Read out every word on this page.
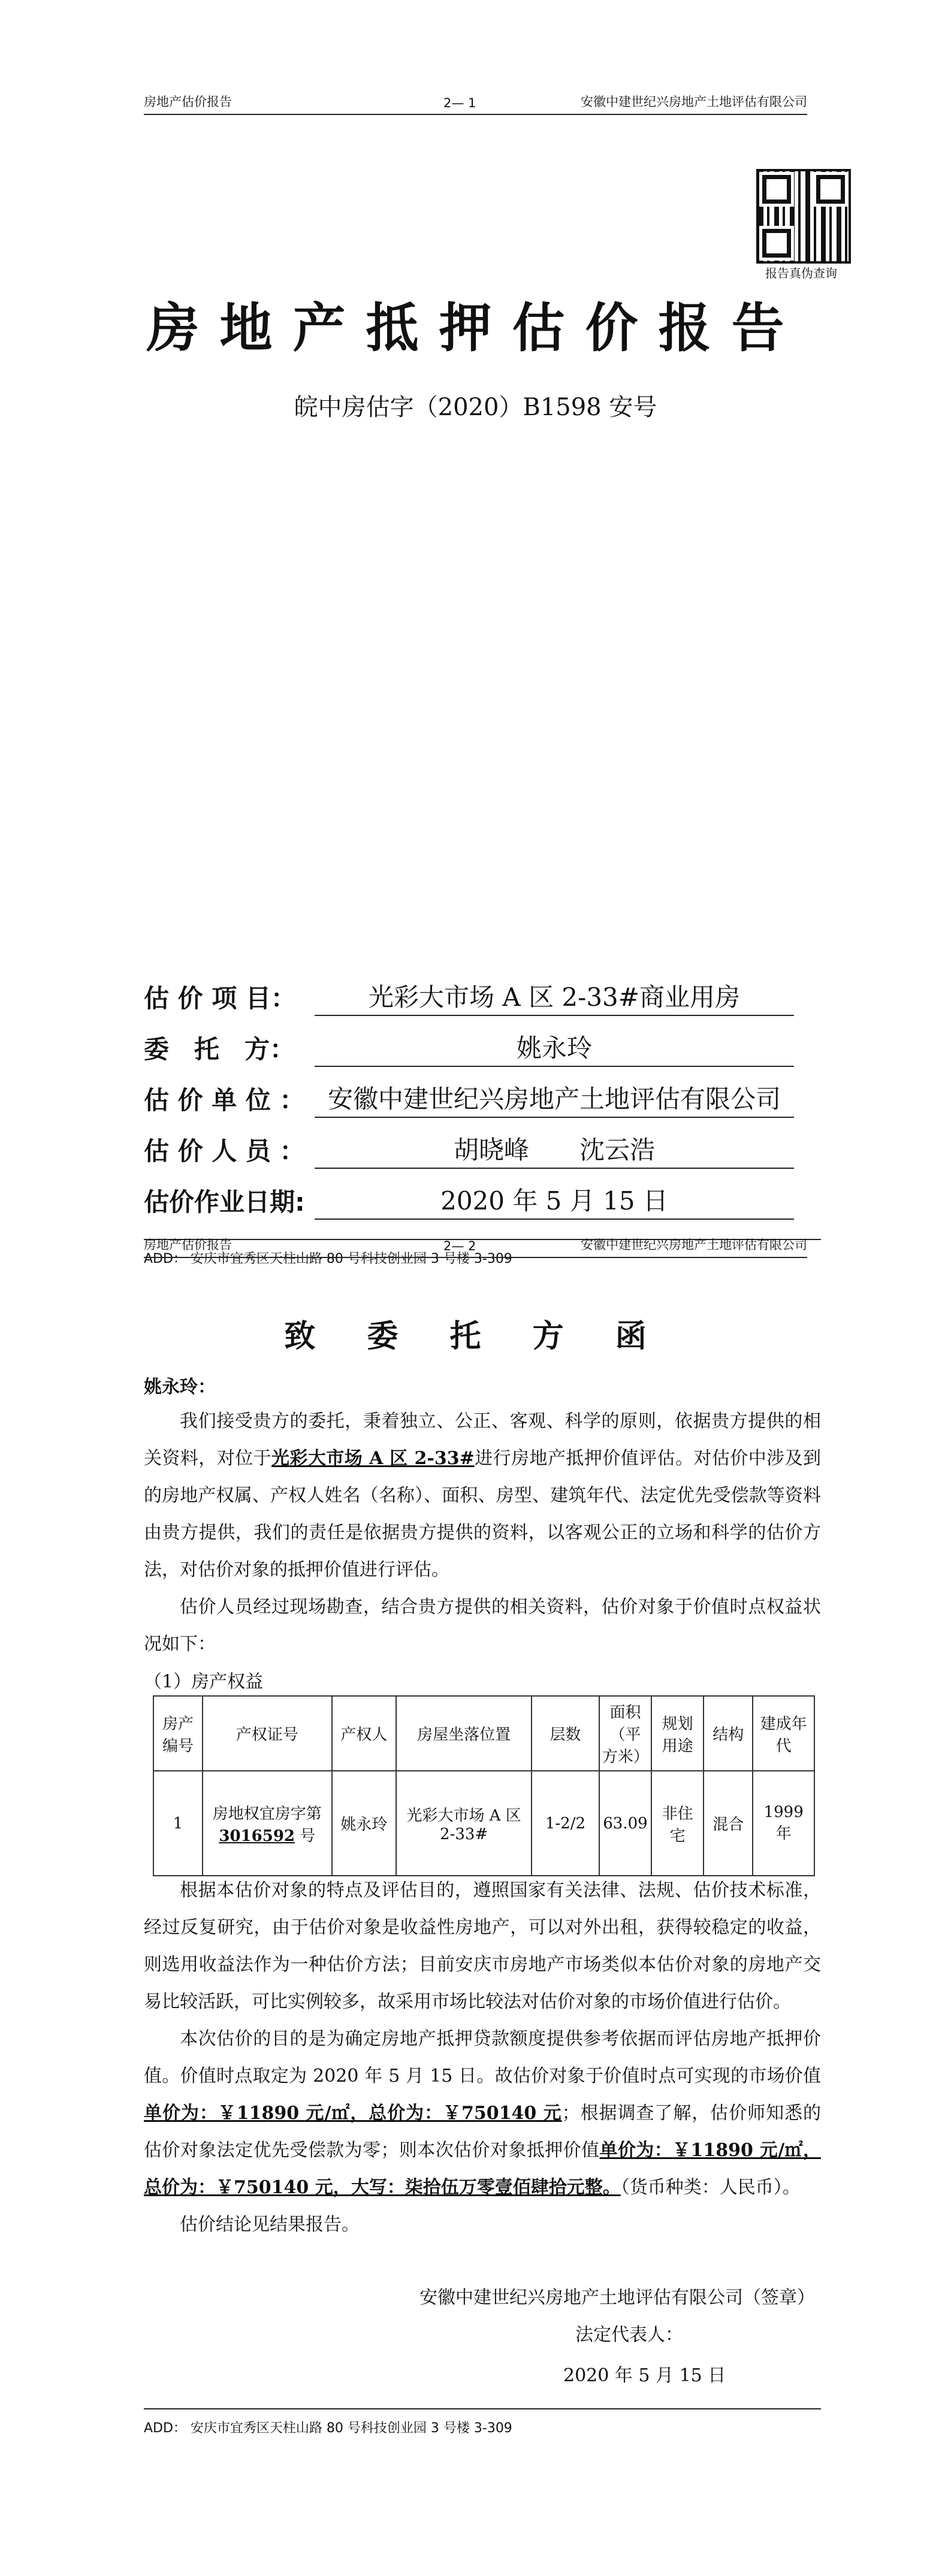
房地产估价报告	2— 1	安徽中建世纪兴房地产土地评估有限公司
报告真伪查询
房地产抵押估价报告
皖中房估字（2020）B1598 安号
估 价 项 目：	光彩大市场 A 区 2-33#商业用房
委　托　方：	姚永玲
估 价 单 位 ： 安徽中建世纪兴房地产土地评估有限公司
估 价 人 员 ：	胡晓峰　　沈云浩
估价作业日期:	2020 年 5 月 15 日
ADD： 安庆市宜秀区天柱山路 80 号科技创业园 3 号楼 3-309
房地产估价报告	2— 2	安徽中建世纪兴房地产土地评估有限公司
致 委 托 方 函
姚永玲：

我们接受贵方的委托，秉着独立、公正、客观、科学的原则，依据贵方提供的相关资料，对位于光彩大市场 A 区 2-33#进行房地产抵押价值评估。对估价中涉及到的房地产权属、产权人姓名（名称）、面积、房型、建筑年代、法定优先受偿款等资料由贵方提供，我们的责任是依据贵方提供的资料，以客观公正的立场和科学的估价方法，对估价对象的抵押价值进行评估。

估价人员经过现场勘查，结合贵方提供的相关资料，估价对象于价值时点权益状况如下：

（1）房产权益
房产编号	产权证号	产权人	房屋坐落位置	层数	面积（平方米）	规划用途	结构	建成年代
1	房地权宜房字第 3016592 号	姚永玲	光彩大市场 A 区 2-33#	1-2/2	63.09	非住宅	混合	1999 年

根据本估价对象的特点及评估目的，遵照国家有关法律、法规、估价技术标准，经过反复研究，由于估价对象是收益性房地产，可以对外出租，获得较稳定的收益，则选用收益法作为一种估价方法；目前安庆市房地产市场类似本估价对象的房地产交易比较活跃，可比实例较多，故采用市场比较法对估价对象的市场价值进行估价。

本次估价的目的是为确定房地产抵押贷款额度提供参考依据而评估房地产抵押价值。价值时点取定为 2020 年 5 月 15 日。故估价对象于价值时点可实现的市场价值单价为：￥11890 元/㎡，总价为：￥750140 元；根据调查了解，估价师知悉的估价对象法定优先受偿款为零；则本次估价对象抵押价值单价为：￥11890 元/㎡，总价为：￥750140 元，大写：柒拾伍万零壹佰肆拾元整。（货币种类：人民币）。

估价结论见结果报告。

安徽中建世纪兴房地产土地评估有限公司（签章）
法定代表人：
2020 年 5 月 15 日
ADD： 安庆市宜秀区天柱山路 80 号科技创业园 3 号楼 3-309
